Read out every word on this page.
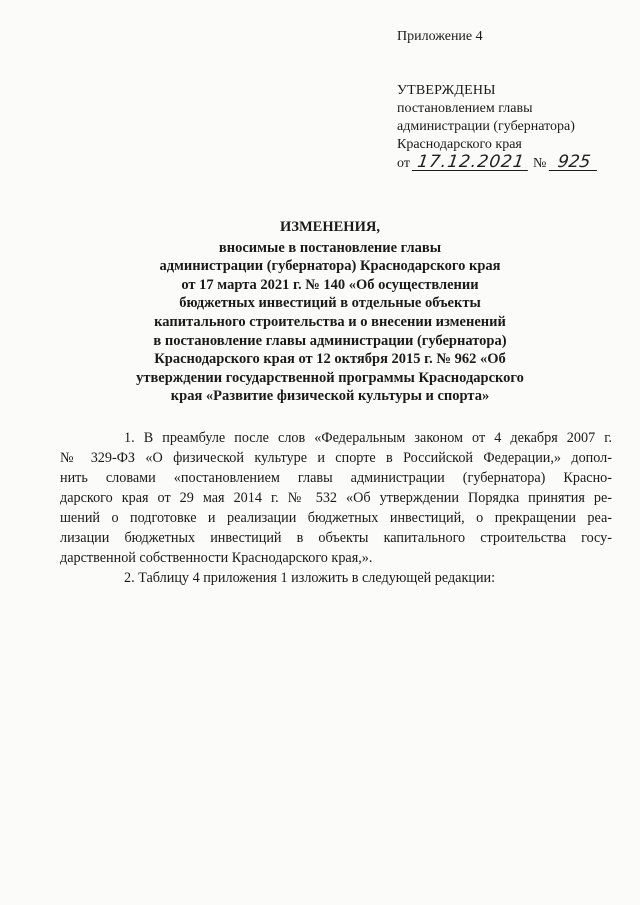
Приложение 4
УТВЕРЖДЕНЫ
постановлением главы
администрации (губернатора)
Краснодарского края
от 17.12.2021 № 925
ИЗМЕНЕНИЯ,
вносимые в постановление главы
администрации (губернатора) Краснодарского края
от 17 марта 2021 г. № 140 «Об осуществлении
бюджетных инвестиций в отдельные объекты
капитального строительства и о внесении изменений
в постановление главы администрации (губернатора)
Краснодарского края от 12 октября 2015 г. № 962 «Об
утверждении государственной программы Краснодарского
края «Развитие физической культуры и спорта»

1. В преамбуле после слов «Федеральным законом от 4 декабря 2007 г.

№ 329-ФЗ «О физической культуре и спорте в Российской Федерации,» допол-
нить словами «постановлением главы администрации (губернатора) Красно-
дарского края от 29 мая 2014 г. № 532 «Об утверждении Порядка принятия ре-
шений о подготовке и реализации бюджетных инвестиций, о прекращении реа-
лизации бюджетных инвестиций в объекты капитального строительства госу-
дарственной собственности Краснодарского края,».

2. Таблицу 4 приложения 1 изложить в следующей редакции:
